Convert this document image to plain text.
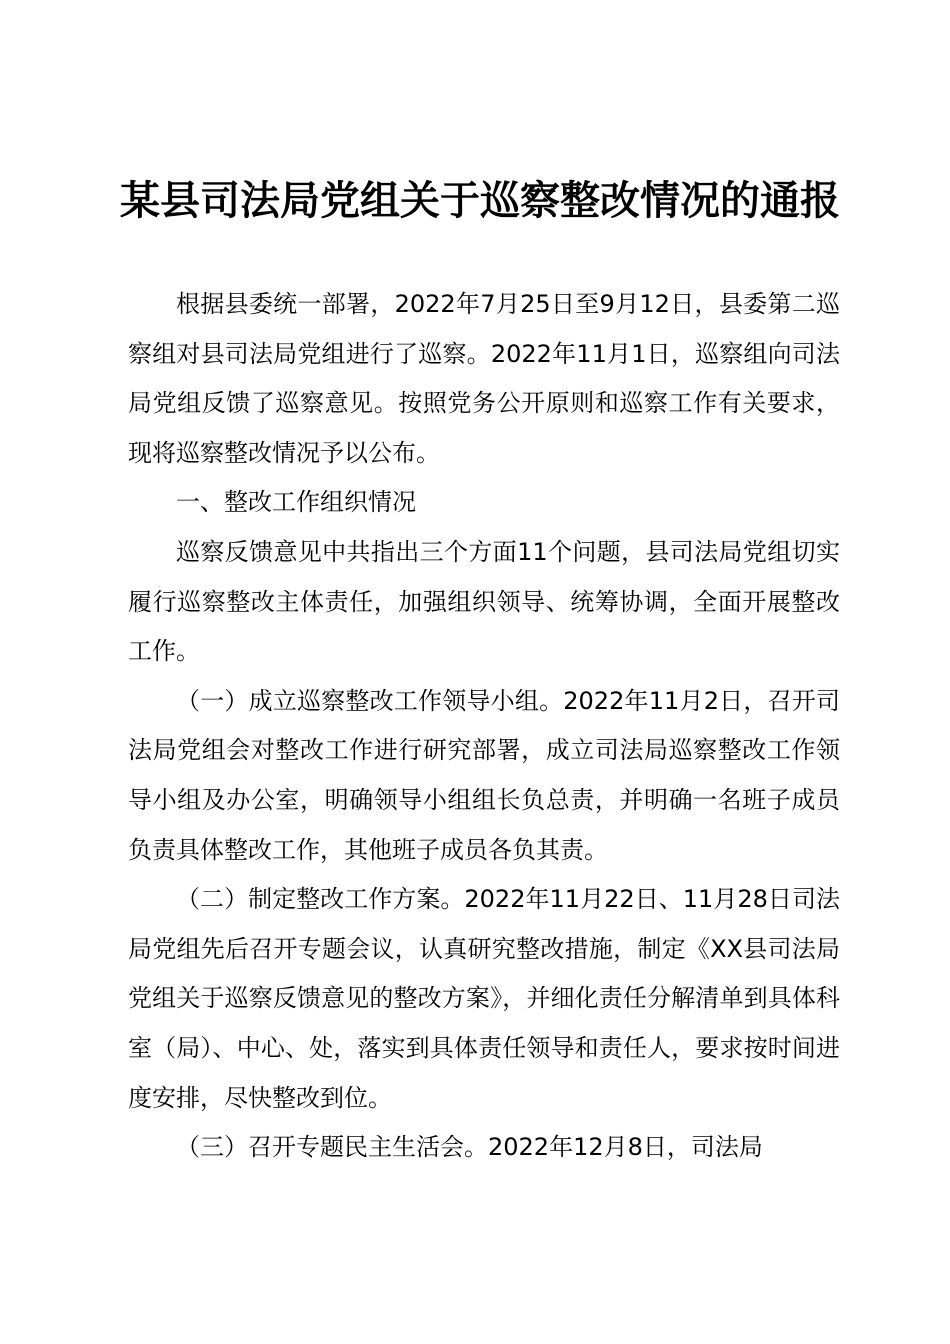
某县司法局党组关于巡察整改情况的通报

根据县委统一部署，2022年7月25日至9月12日，县委第二巡察组对县司法局党组进行了巡察。2022年11月1日，巡察组向司法局党组反馈了巡察意见。按照党务公开原则和巡察工作有关要求，现将巡察整改情况予以公布。

一、整改工作组织情况

巡察反馈意见中共指出三个方面11个问题，县司法局党组切实履行巡察整改主体责任，加强组织领导、统筹协调，全面开展整改工作。

（一）成立巡察整改工作领导小组。2022年11月2日，召开司法局党组会对整改工作进行研究部署，成立司法局巡察整改工作领导小组及办公室，明确领导小组组长负总责，并明确一名班子成员负责具体整改工作，其他班子成员各负其责。

（二）制定整改工作方案。2022年11月22日、11月28日司法局党组先后召开专题会议，认真研究整改措施，制定《XX县司法局党组关于巡察反馈意见的整改方案》，并细化责任分解清单到具体科室（局）、中心、处，落实到具体责任领导和责任人，要求按时间进度安排，尽快整改到位。

（三）召开专题民主生活会。2022年12月8日，司法局
